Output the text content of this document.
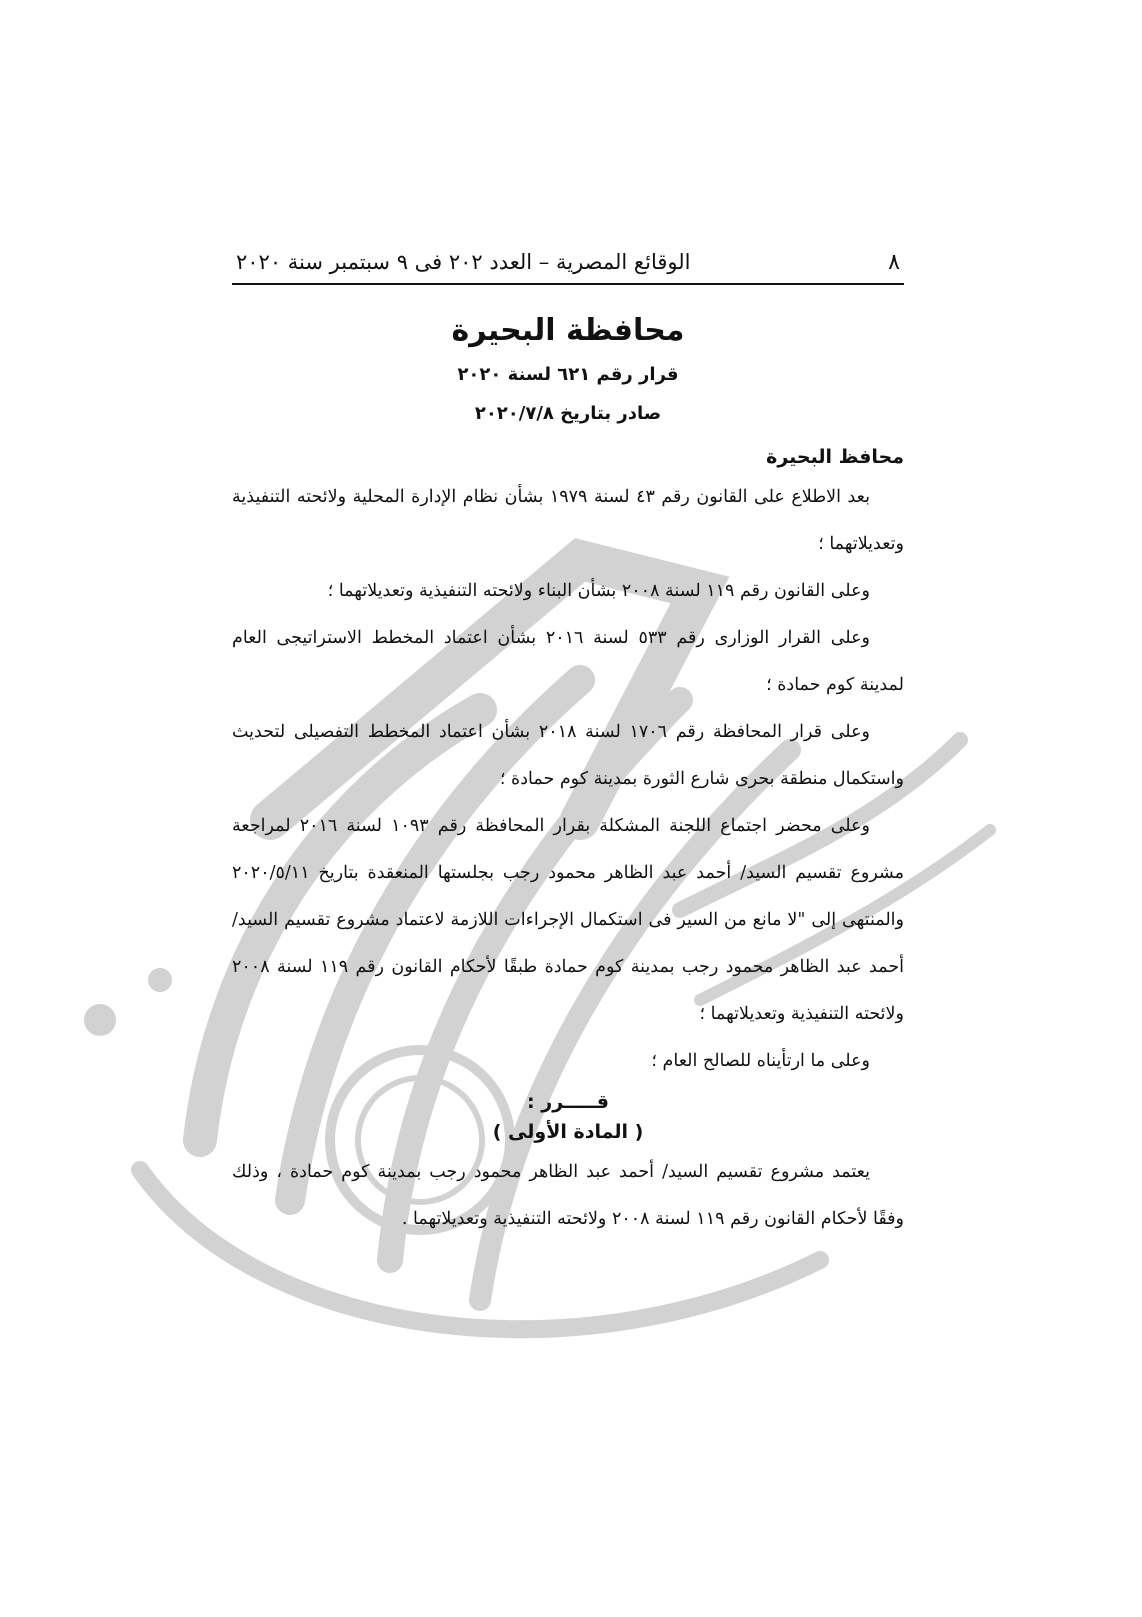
٨
الوقائع المصرية – العدد ٢٠٢ فى ٩ سبتمبر سنة ٢٠٢٠
محافظة البحيرة
قرار رقم ٦٢١ لسنة ٢٠٢٠
صادر بتاريخ ٢٠٢٠/٧/٨
محافظ البحيرة

بعد الاطلاع على القانون رقم ٤٣ لسنة ١٩٧٩ بشأن نظام الإدارة المحلية ولائحته التنفيذية وتعديلاتهما ؛

وعلى القانون رقم ١١٩ لسنة ٢٠٠٨ بشأن البناء ولائحته التنفيذية وتعديلاتهما ؛

وعلى القرار الوزارى رقم ٥٣٣ لسنة ٢٠١٦ بشأن اعتماد المخطط الاستراتيجى العام لمدينة كوم حمادة ؛

وعلى قرار المحافظة رقم ١٧٠٦ لسنة ٢٠١٨ بشأن اعتماد المخطط التفصيلى لتحديث واستكمال منطقة بحرى شارع الثورة بمدينة كوم حمادة ؛

وعلى محضر اجتماع اللجنة المشكلة بقرار المحافظة رقم ١٠٩٣ لسنة ٢٠١٦ لمراجعة مشروع تقسيم السيد/ أحمد عبد الظاهر محمود رجب بجلستها المنعقدة بتاريخ ٢٠٢٠/٥/١١ والمنتهى إلى "لا مانع من السير فى استكمال الإجراءات اللازمة لاعتماد مشروع تقسيم السيد/ أحمد عبد الظاهر محمود رجب بمدينة كوم حمادة طبقًا لأحكام القانون رقم ١١٩ لسنة ٢٠٠٨ ولائحته التنفيذية وتعديلاتهما ؛

وعلى ما ارتأيناه للصالح العام ؛

قـــــرر :
( المادة الأولى )

يعتمد مشروع تقسيم السيد/ أحمد عبد الظاهر محمود رجب بمدينة كوم حمادة ، وذلك وفقًا لأحكام القانون رقم ١١٩ لسنة ٢٠٠٨ ولائحته التنفيذية وتعديلاتهما .
